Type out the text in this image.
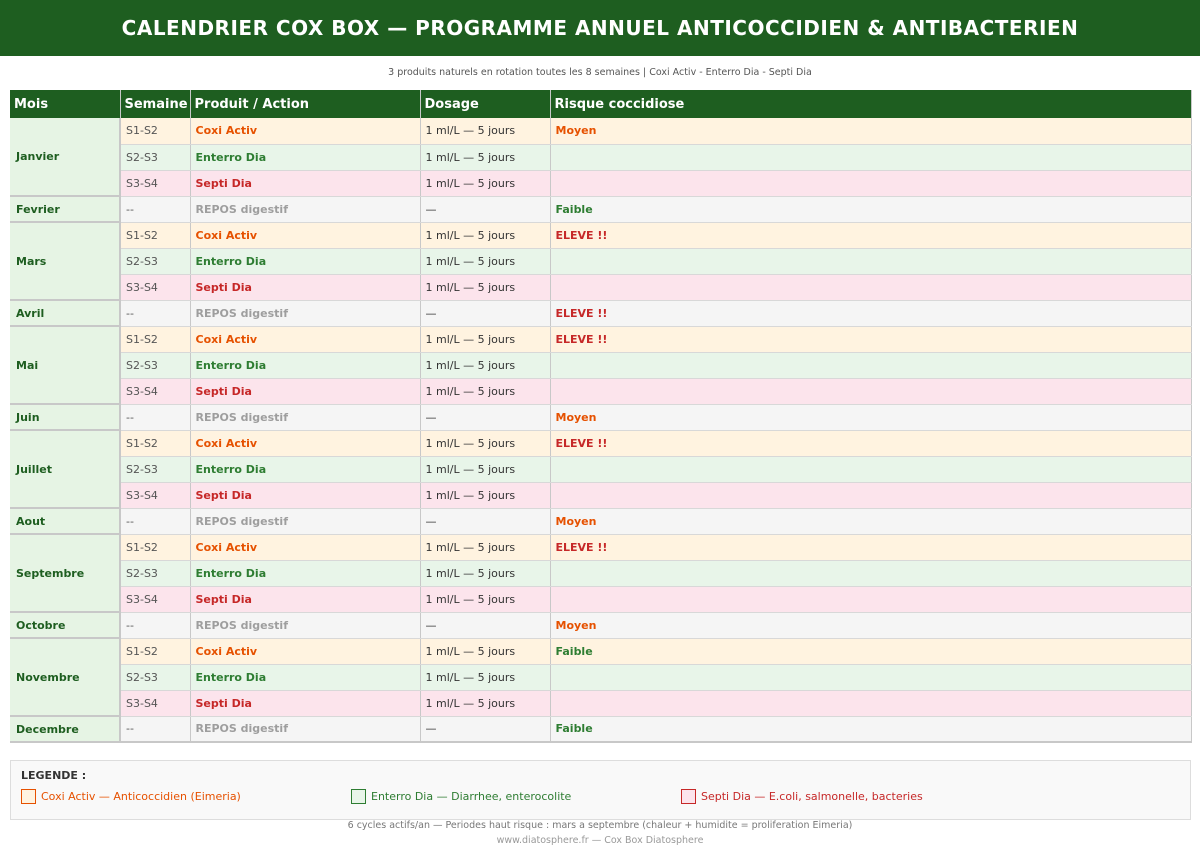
CALENDRIER COX BOX — PROGRAMME ANNUEL ANTICOCCIDIEN & ANTIBACTERIEN
3 produits naturels en rotation toutes les 8 semaines | Coxi Activ - Enterro Dia - Septi Dia
Mois	Semaine	Produit / Action	Dosage	Risque coccidiose
Janvier	S1-S2	Coxi Activ	1 ml/L — 5 jours	Moyen
	S2-S3	Enterro Dia	1 ml/L — 5 jours	
	S3-S4	Septi Dia	1 ml/L — 5 jours	
Fevrier	--	REPOS digestif	—	Faible
Mars	S1-S2	Coxi Activ	1 ml/L — 5 jours	ELEVE !!
	S2-S3	Enterro Dia	1 ml/L — 5 jours	
	S3-S4	Septi Dia	1 ml/L — 5 jours	
Avril	--	REPOS digestif	—	ELEVE !!
Mai	S1-S2	Coxi Activ	1 ml/L — 5 jours	ELEVE !!
	S2-S3	Enterro Dia	1 ml/L — 5 jours	
	S3-S4	Septi Dia	1 ml/L — 5 jours	
Juin	--	REPOS digestif	—	Moyen
Juillet	S1-S2	Coxi Activ	1 ml/L — 5 jours	ELEVE !!
	S2-S3	Enterro Dia	1 ml/L — 5 jours	
	S3-S4	Septi Dia	1 ml/L — 5 jours	
Aout	--	REPOS digestif	—	Moyen
Septembre	S1-S2	Coxi Activ	1 ml/L — 5 jours	ELEVE !!
	S2-S3	Enterro Dia	1 ml/L — 5 jours	
	S3-S4	Septi Dia	1 ml/L — 5 jours	
Octobre	--	REPOS digestif	—	Moyen
Novembre	S1-S2	Coxi Activ	1 ml/L — 5 jours	Faible
	S2-S3	Enterro Dia	1 ml/L — 5 jours	
	S3-S4	Septi Dia	1 ml/L — 5 jours	
Decembre	--	REPOS digestif	—	Faible
LEGENDE :
Coxi Activ — Anticoccidien (Eimeria)	Enterro Dia — Diarrhee, enterocolite	Septi Dia — E.coli, salmonelle, bacteries
6 cycles actifs/an — Periodes haut risque : mars a septembre (chaleur + humidite = proliferation Eimeria)
www.diatosphere.fr — Cox Box Diatosphere
